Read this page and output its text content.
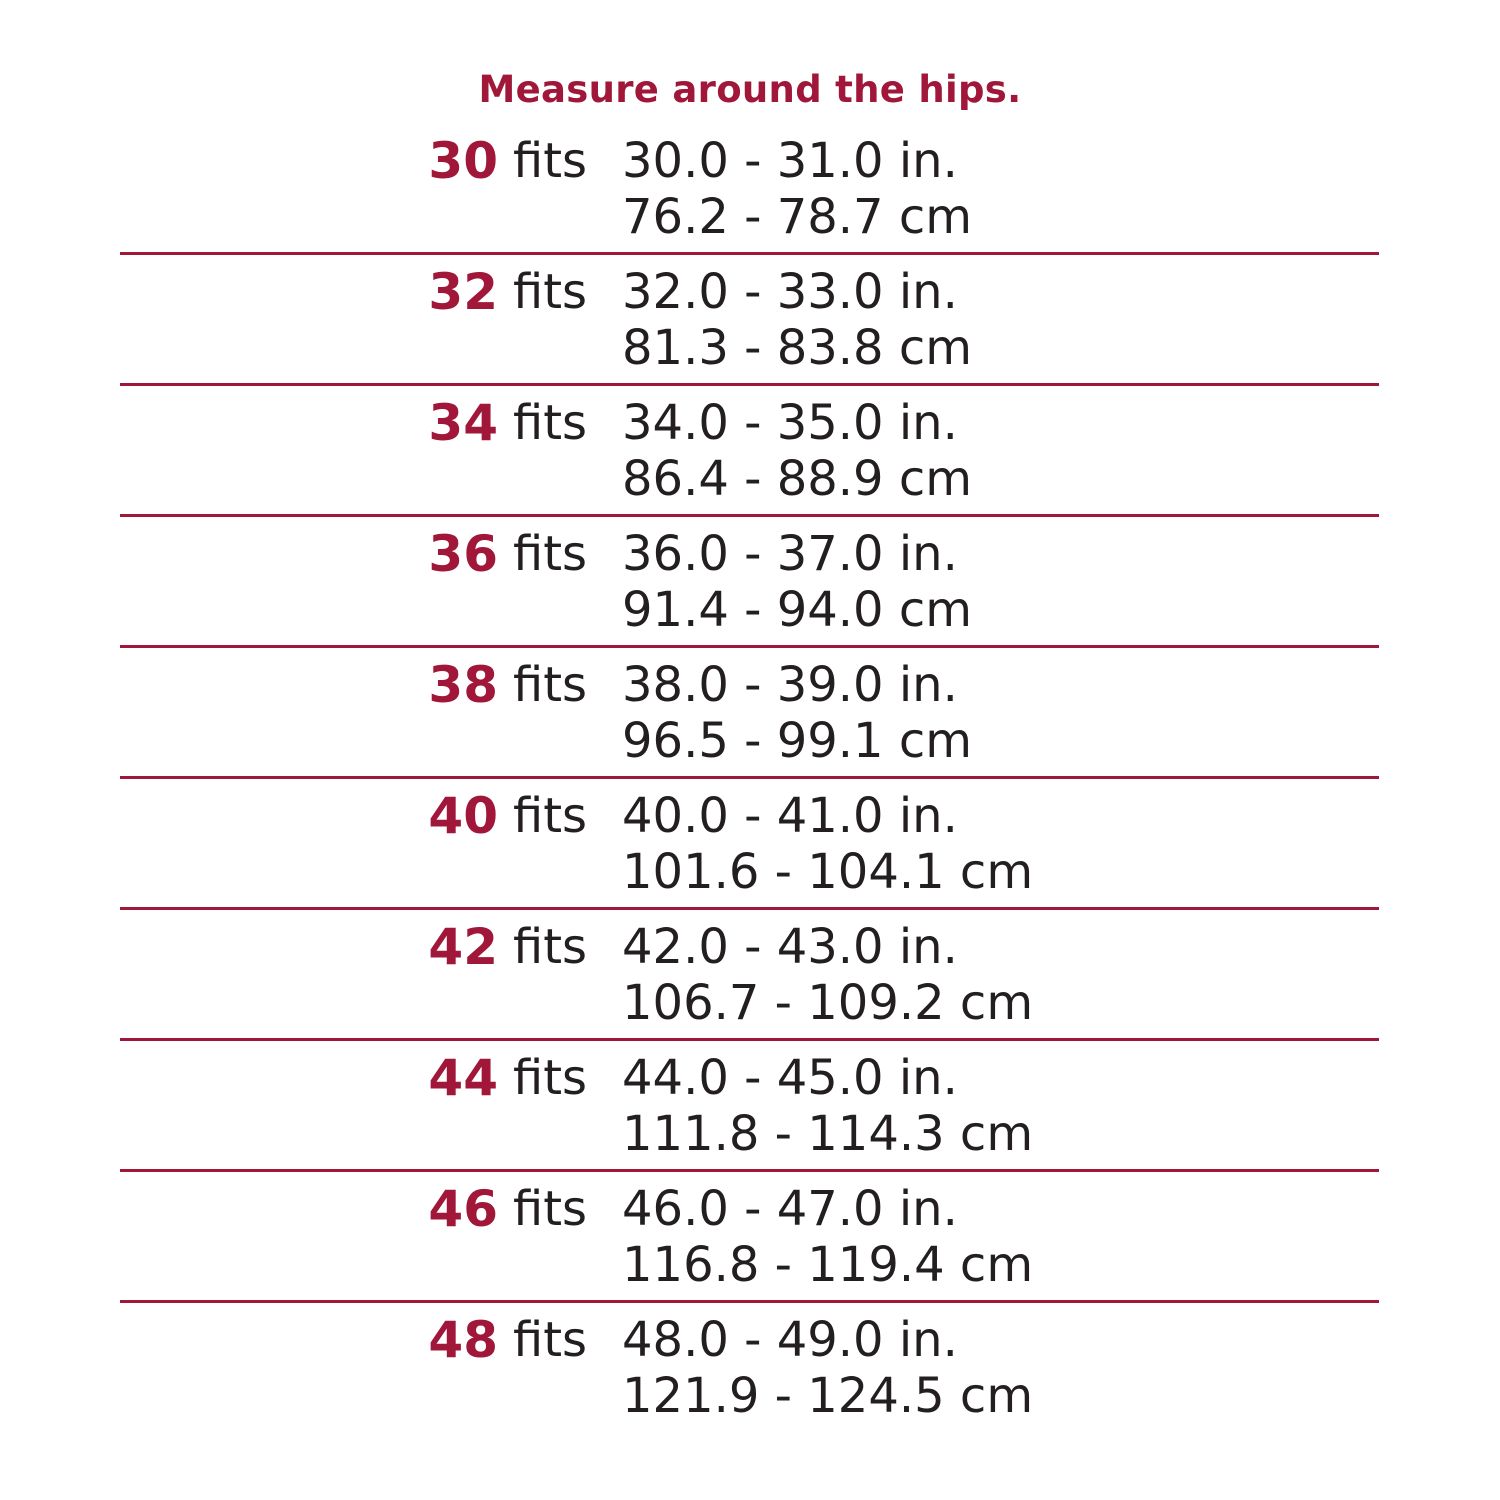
Measure around the hips.
30 fits 30.0 - 31.0 in.
76.2 - 78.7 cm
32 fits 32.0 - 33.0 in.
81.3 - 83.8 cm
34 fits 34.0 - 35.0 in.
86.4 - 88.9 cm
36 fits 36.0 - 37.0 in.
91.4 - 94.0 cm
38 fits 38.0 - 39.0 in.
96.5 - 99.1 cm
40 fits 40.0 - 41.0 in.
101.6 - 104.1 cm
42 fits 42.0 - 43.0 in.
106.7 - 109.2 cm
44 fits 44.0 - 45.0 in.
111.8 - 114.3 cm
46 fits 46.0 - 47.0 in.
116.8 - 119.4 cm
48 fits 48.0 - 49.0 in.
121.9 - 124.5 cm
